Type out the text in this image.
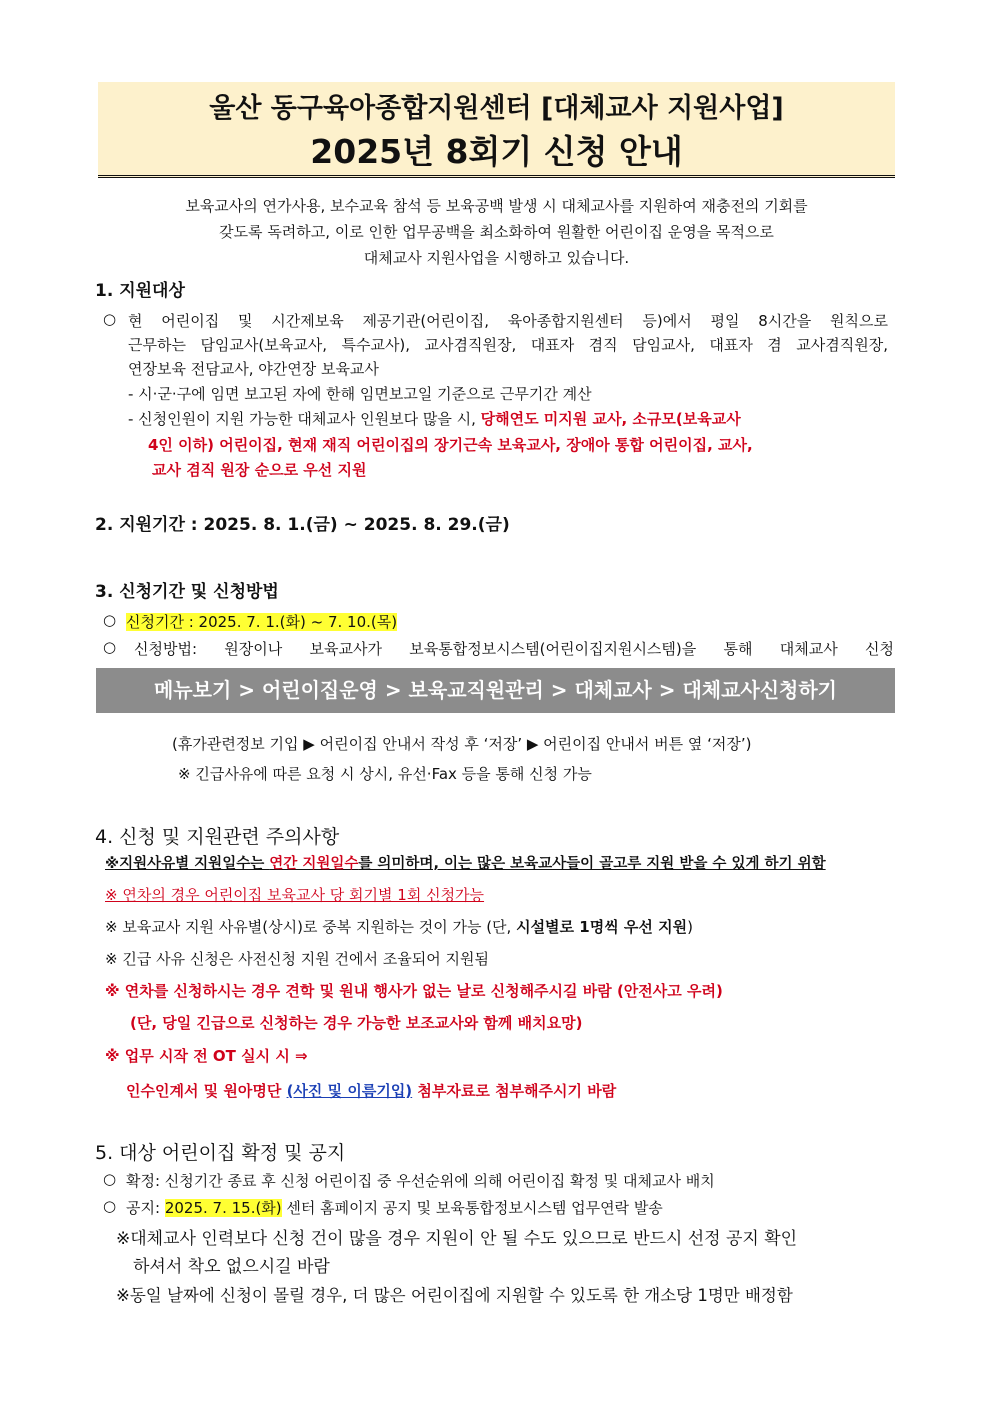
울산 동구육아종합지원센터 [대체교사 지원사업]
2025년 8회기 신청 안내
보육교사의 연가사용, 보수교육 참석 등 보육공백 발생 시 대체교사를 지원하여 재충전의 기회를
갖도록 독려하고, 이로 인한 업무공백을 최소화하여 원활한 어린이집 운영을 목적으로
대체교사 지원사업을 시행하고 있습니다.
1. 지원대상
○ 현 어린이집 및 시간제보육 제공기관(어린이집, 육아종합지원센터 등)에서 평일 8시간을 원칙으로
근무하는 담임교사(보육교사, 특수교사), 교사겸직원장, 대표자 겸직 담임교사, 대표자 겸 교사겸직원장,
연장보육 전담교사, 야간연장 보육교사
- 시·군·구에 임면 보고된 자에 한해 임면보고일 기준으로 근무기간 계산
- 신청인원이 지원 가능한 대체교사 인원보다 많을 시, 당해연도 미지원 교사, 소규모(보육교사
4인 이하) 어린이집, 현재 재직 어린이집의 장기근속 보육교사, 장애아 통합 어린이집, 교사,
교사 겸직 원장 순으로 우선 지원
2. 지원기간 : 2025. 8. 1.(금) ~ 2025. 8. 29.(금)
3. 신청기간 및 신청방법
○ 신청기간 : 2025. 7. 1.(화) ~ 7. 10.(목)
○ 신청방법: 원장이나 보육교사가 보육통합정보시스템(어린이집지원시스템)을 통해 대체교사 신청
메뉴보기 > 어린이집운영 > 보육교직원관리 > 대체교사 > 대체교사신청하기
(휴가관련정보 기입 ▶ 어린이집 안내서 작성 후 ‘저장’ ▶ 어린이집 안내서 버튼 옆 ‘저장’)
※ 긴급사유에 따른 요청 시 상시, 유선·Fax 등을 통해 신청 가능
4. 신청 및 지원관련 주의사항
※지원사유별 지원일수는 연간 지원일수를 의미하며, 이는 많은 보육교사들이 골고루 지원 받을 수 있게 하기 위함
※ 연차의 경우 어린이집 보육교사 당 회기별 1회 신청가능
※ 보육교사 지원 사유별(상시)로 중복 지원하는 것이 가능 (단, 시설별로 1명씩 우선 지원)
※ 긴급 사유 신청은 사전신청 지원 건에서 조율되어 지원됨
※ 연차를 신청하시는 경우 견학 및 원내 행사가 없는 날로 신청해주시길 바람 (안전사고 우려)
(단, 당일 긴급으로 신청하는 경우 가능한 보조교사와 함께 배치요망)
※ 업무 시작 전 OT 실시 시 ⇒
인수인계서 및 원아명단 (사진 및 이름기입) 첨부자료로 첨부해주시기 바람
5. 대상 어린이집 확정 및 공지
○ 확정: 신청기간 종료 후 신청 어린이집 중 우선순위에 의해 어린이집 확정 및 대체교사 배치
○ 공지: 2025. 7. 15.(화) 센터 홈페이지 공지 및 보육통합정보시스템 업무연락 발송
※대체교사 인력보다 신청 건이 많을 경우 지원이 안 될 수도 있으므로 반드시 선정 공지 확인
하셔서 착오 없으시길 바람
※동일 날짜에 신청이 몰릴 경우, 더 많은 어린이집에 지원할 수 있도록 한 개소당 1명만 배정함
